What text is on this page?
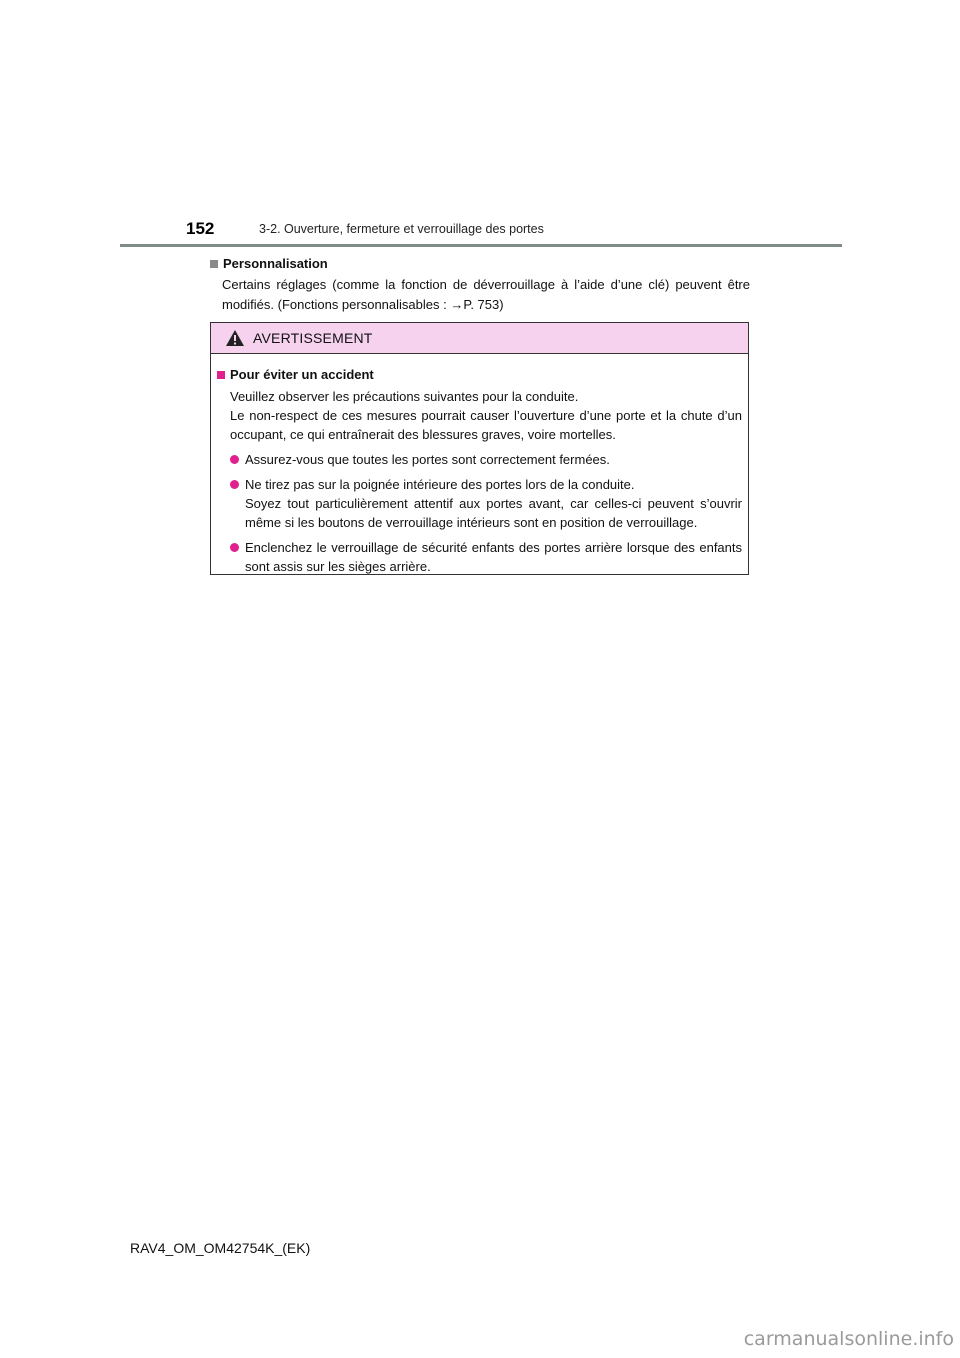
152	3-2. Ouverture, fermeture et verrouillage des portes
Personnalisation
Certains réglages (comme la fonction de déverrouillage à l’aide d’une clé) peuvent être modifiés. (Fonctions personnalisables : →P. 753)
AVERTISSEMENT
Pour éviter un accident
Veuillez observer les précautions suivantes pour la conduite.
Le non-respect de ces mesures pourrait causer l’ouverture d’une porte et la chute d’un occupant, ce qui entraînerait des blessures graves, voire mortelles.
Assurez-vous que toutes les portes sont correctement fermées.
Ne tirez pas sur la poignée intérieure des portes lors de la conduite.
Soyez tout particulièrement attentif aux portes avant, car celles-ci peuvent s’ouvrir même si les boutons de verrouillage intérieurs sont en position de verrouillage.
Enclenchez le verrouillage de sécurité enfants des portes arrière lorsque des enfants sont assis sur les sièges arrière.
RAV4_OM_OM42754K_(EK)
carmanualsonline.info
